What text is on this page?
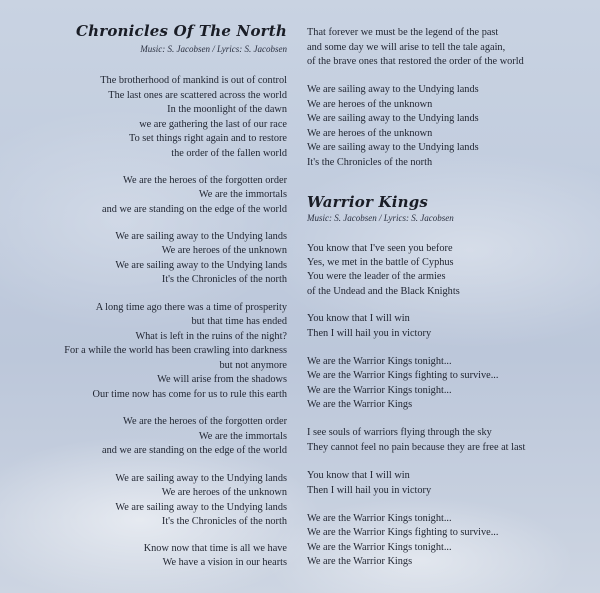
Chronicles Of The North
Music: S. Jacobsen / Lyrics: S. Jacobsen
The brotherhood of mankind is out of control
The last ones are scattered across the world
In the moonlight of the dawn
we are gathering the last of our race
To set things right again and to restore
the order of the fallen world
We are the heroes of the forgotten order
We are the immortals
and we are standing on the edge of the world
We are sailing away to the Undying lands
We are heroes of the unknown
We are sailing away to the Undying lands
It's the Chronicles of the north
A long time ago there was a time of prosperity
but that time has ended
What is left in the ruins of the night?
For a while the world has been crawling into darkness
but not anymore
We will arise from the shadows
Our time now has come for us to rule this earth
We are the heroes of the forgotten order
We are the immortals
and we are standing on the edge of the world
We are sailing away to the Undying lands
We are heroes of the unknown
We are sailing away to the Undying lands
It's the Chronicles of the north
Know now that time is all we have
We have a vision in our hearts
That forever we must be the legend of the past
and some day we will arise to tell the tale again,
of the brave ones that restored the order of the world
We are sailing away to the Undying lands
We are heroes of the unknown
We are sailing away to the Undying lands
We are heroes of the unknown
We are sailing away to the Undying lands
It's the Chronicles of the north
Warrior Kings
Music: S. Jacobsen / Lyrics: S. Jacobsen
You know that I've seen you before
Yes, we met in the battle of Cyphus
You were the leader of the armies
of the Undead and the Black Knights
You know that I will win
Then I will hail you in victory
We are the Warrior Kings tonight...
We are the Warrior Kings fighting to survive...
We are the Warrior Kings tonight...
We are the Warrior Kings
I see souls of warriors flying through the sky
They cannot feel no pain because they are free at last
You know that I will win
Then I will hail you in victory
We are the Warrior Kings tonight...
We are the Warrior Kings fighting to survive...
We are the Warrior Kings tonight...
We are the Warrior Kings
